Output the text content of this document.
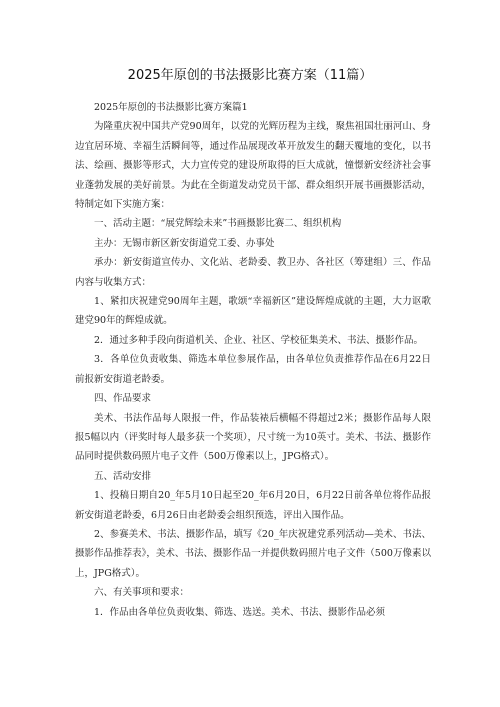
2025年原创的书法摄影比赛方案（11篇）

2025年原创的书法摄影比赛方案篇1

为隆重庆祝中国共产党90周年，以党的光辉历程为主线，聚焦祖国壮丽河山、身边宜居环境、幸福生活瞬间等，通过作品展现改革开放发生的翻天覆地的变化，以书法、绘画、摄影等形式，大力宣传党的建设所取得的巨大成就，憧憬新安经济社会事业蓬勃发展的美好前景。为此在全街道发动党员干部、群众组织开展书画摄影活动，特制定如下实施方案：

一、活动主题：“展党辉绘未来”书画摄影比赛二、组织机构

主办：无锡市新区新安街道党工委、办事处

承办：新安街道宣传办、文化站、老龄委、教卫办、各社区（筹建组）三、作品内容与收集方式：

1、紧扣庆祝建党90周年主题，歌颂“幸福新区”建设辉煌成就的主题，大力讴歌建党90年的辉煌成就。

2．通过多种手段向街道机关、企业、社区、学校征集美术、书法、摄影作品。

3．各单位负责收集、筛选本单位参展作品，由各单位负责推荐作品在6月22日前报新安街道老龄委。

四、作品要求

美术、书法作品每人限报一件，作品装裱后横幅不得超过2米；摄影作品每人限报5幅以内（评奖时每人最多获一个奖项），尺寸统一为10英寸。美术、书法、摄影作品同时提供数码照片电子文件（500万像素以上，JPG格式）。

五、活动安排

1、投稿日期自20_年5月10日起至20_年6月20日，6月22日前各单位将作品报新安街道老龄委，6月26日由老龄委会组织预选，评出入围作品。

2、参赛美术、书法、摄影作品，填写《20_年庆祝建党系列活动—美术、书法、摄影作品推荐表》，美术、书法、摄影作品一并提供数码照片电子文件（500万像素以上，JPG格式）。

六、有关事项和要求：

1．作品由各单位负责收集、筛选、选送。美术、书法、摄影作品必须
